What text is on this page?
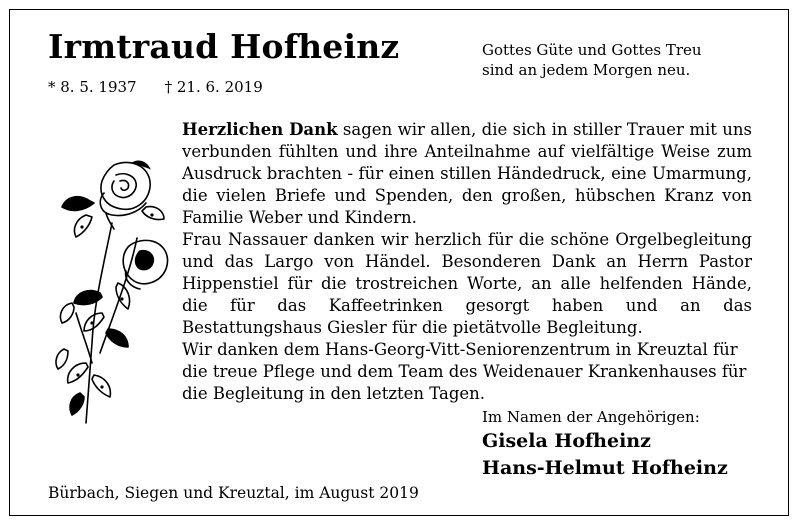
Irmtraud Hofheinz
* 8. 5. 1937 † 21. 6. 2019
Gottes Güte und Gottes Treu
sind an jedem Morgen neu.

Herzlichen Dank sagen wir allen, die sich in stiller Trauer mit uns verbunden fühlten und ihre Anteilnahme auf vielfältige Weise zum Ausdruck brachten - für einen stillen Händedruck, eine Umarmung, die vielen Briefe und Spenden, den großen, hübschen Kranz von Familie Weber und Kindern.

Frau Nassauer danken wir herzlich für die schöne Orgelbegleitung und das Largo von Händel. Besonderen Dank an Herrn Pastor Hippenstiel für die trostreichen Worte, an alle helfenden Hände, die für das Kaffeetrinken gesorgt haben und an das Bestattungshaus Giesler für die pietätvolle Begleitung.

Wir danken dem Hans-Georg-Vitt-Seniorenzentrum in Kreuztal für die treue Pflege und dem Team des Weidenauer Krankenhauses für die Begleitung in den letzten Tagen.

Im Namen der Angehörigen:
Gisela Hofheinz
Hans-Helmut Hofheinz
Bürbach, Siegen und Kreuztal, im August 2019
